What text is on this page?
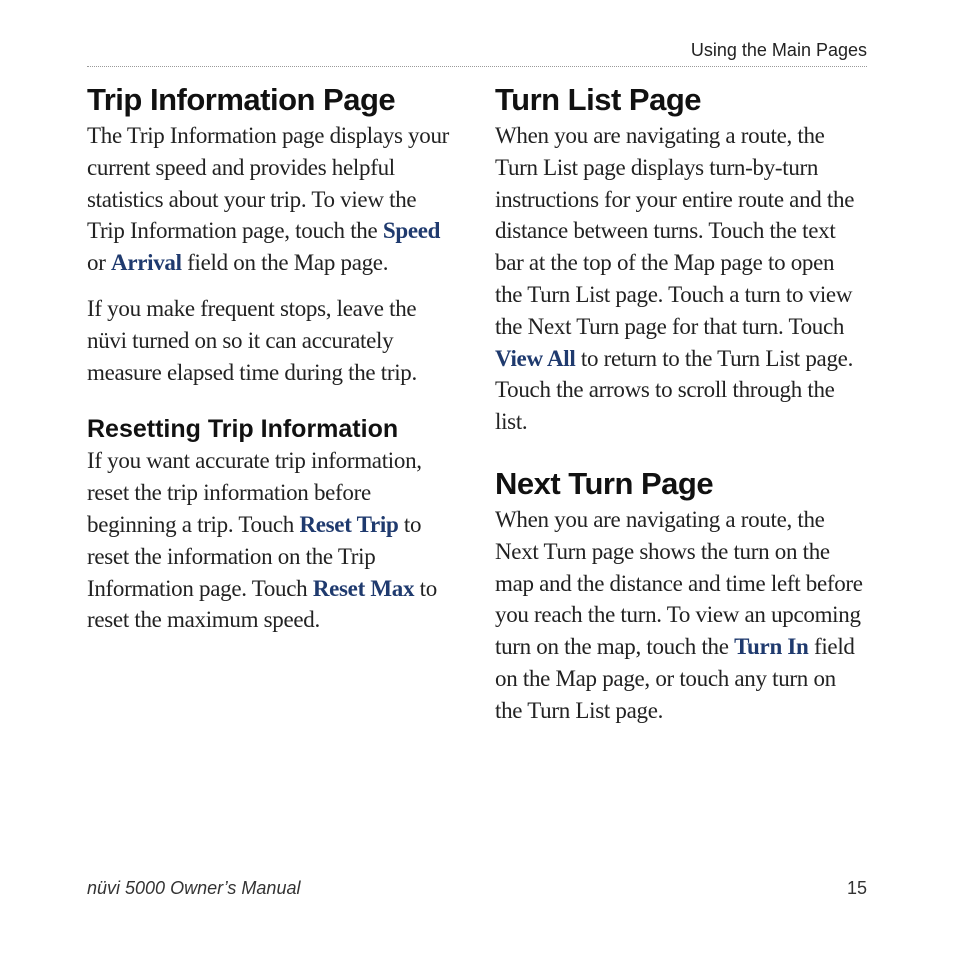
Using the Main Pages
Trip Information Page

The Trip Information page displays your current speed and provides helpful statistics about your trip. To view the Trip Information page, touch the Speed or Arrival field on the Map page.

If you make frequent stops, leave the nüvi turned on so it can accurately measure elapsed time during the trip.

Resetting Trip Information

If you want accurate trip information, reset the trip information before beginning a trip. Touch Reset Trip to reset the information on the Trip Information page. Touch Reset Max to reset the maximum speed.

Turn List Page

When you are navigating a route, the Turn List page displays turn-by-turn instructions for your entire route and the distance between turns. Touch the text bar at the top of the Map page to open the Turn List page. Touch a turn to view the Next Turn page for that turn. Touch View All to return to the Turn List page. Touch the arrows to scroll through the list.

Next Turn Page

When you are navigating a route, the Next Turn page shows the turn on the map and the distance and time left before you reach the turn. To view an upcoming turn on the map, touch the Turn In field on the Map page, or touch any turn on the Turn List page.

nüvi 5000 Owner’s Manual	15
